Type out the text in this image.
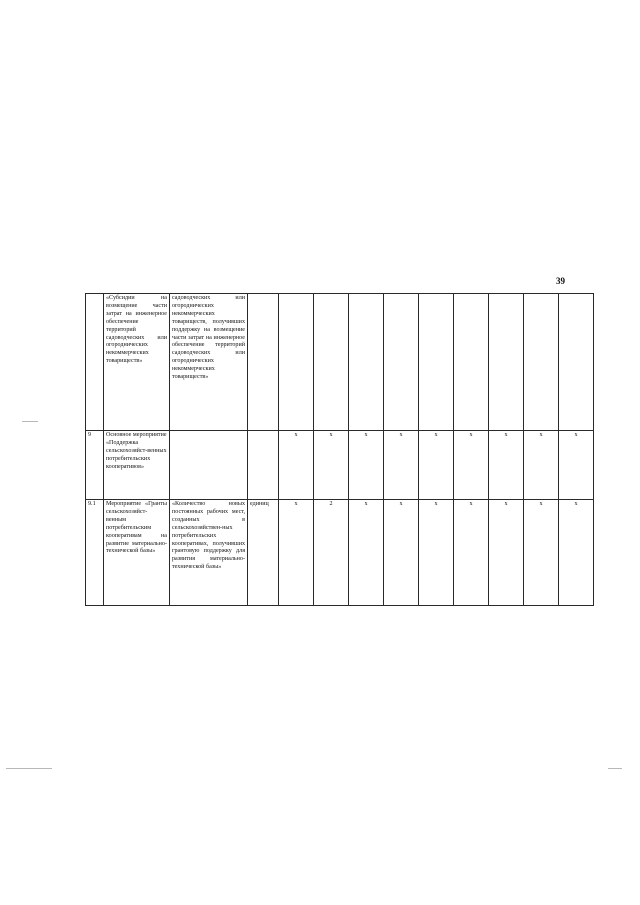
39
	«Субсидии на возмещение части затрат на инженерное обеспечение территорий садоводческих или огороднических некоммерческих товариществ»	садоводческих или огороднических некоммерческих товариществ, получивших поддержку на возмещение части затрат на инженерное обеспечение территорий садоводческих или огороднических некоммерческих товариществ»										
9	Основное мероприятие «Поддержка сельскохозяйст-венных потребительских кооперативов»			x	x	x	x	x	x	x	x	x
9.1	Мероприятие «Гранты сельскохозяйст-венным потребительским кооперативам на развитие материально-технической базы»	«Количество новых постоянных рабочих мест, созданных в сельскохозяйствен-ных потребительских кооперативах, получивших грантовую поддержку для развития материально-технической базы»	единиц	x	2	x	x	x	x	x	x	x
